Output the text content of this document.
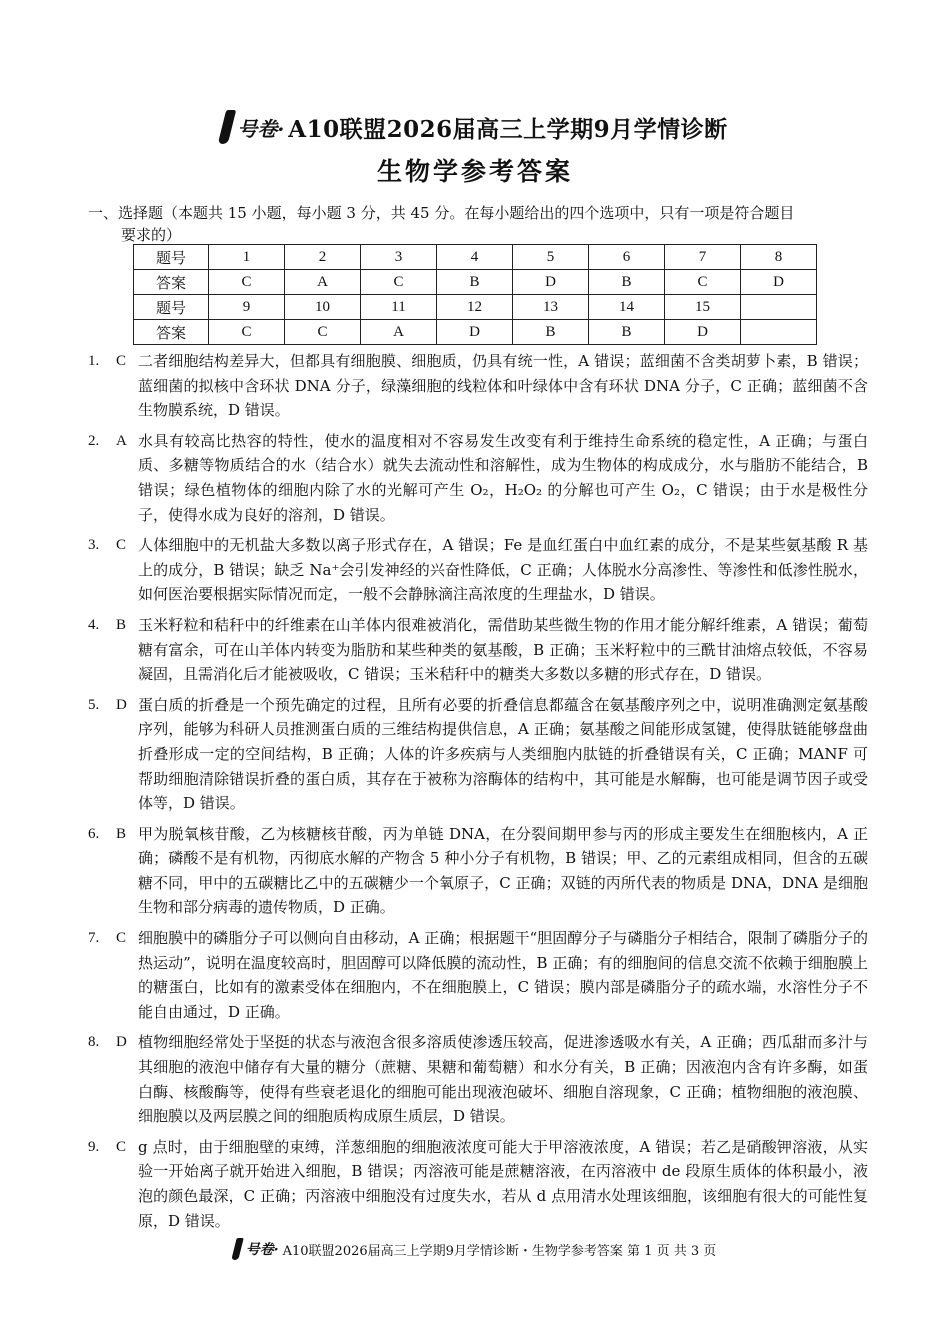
号卷· A10联盟2026届高三上学期9月学情诊断
生物学参考答案
一、选择题（本题共 15 小题，每小题 3 分，共 45 分。在每小题给出的四个选项中，只有一项是符合题目
要求的）
题号	1	2	3	4	5	6	7	8
答案	C	A	C	B	D	B	C	D
题号	9	10	11	12	13	14	15	
答案	C	C	A	D	B	B	D	
1.	C 二者细胞结构差异大，但都具有细胞膜、细胞质，仍具有统一性，A 错误；蓝细菌不含类胡萝卜素，B 错误；蓝细菌的拟核中含环状 DNA 分子，绿藻细胞的线粒体和叶绿体中含有环状 DNA 分子，C 正确；蓝细菌不含生物膜系统，D 错误。
2.	A 水具有较高比热容的特性，使水的温度相对不容易发生改变有利于维持生命系统的稳定性，A 正确；与蛋白质、多糖等物质结合的水（结合水）就失去流动性和溶解性，成为生物体的构成成分，水与脂肪不能结合，B 错误；绿色植物体的细胞内除了水的光解可产生 O₂，H₂O₂ 的分解也可产生 O₂，C 错误；由于水是极性分子，使得水成为良好的溶剂，D 错误。
3.	C 人体细胞中的无机盐大多数以离子形式存在，A 错误；Fe 是血红蛋白中血红素的成分，不是某些氨基酸 R 基上的成分，B 错误；缺乏 Na⁺会引发神经的兴奋性降低，C 正确；人体脱水分高渗性、等渗性和低渗性脱水，如何医治要根据实际情况而定，一般不会静脉滴注高浓度的生理盐水，D 错误。
4.	B 玉米籽粒和秸秆中的纤维素在山羊体内很难被消化，需借助某些微生物的作用才能分解纤维素，A 错误；葡萄糖有富余，可在山羊体内转变为脂肪和某些种类的氨基酸，B 正确；玉米籽粒中的三酰甘油熔点较低，不容易凝固，且需消化后才能被吸收，C 错误；玉米秸秆中的糖类大多数以多糖的形式存在，D 错误。
5.	D 蛋白质的折叠是一个预先确定的过程，且所有必要的折叠信息都蕴含在氨基酸序列之中，说明准确测定氨基酸序列，能够为科研人员推测蛋白质的三维结构提供信息，A 正确；氨基酸之间能形成氢键，使得肽链能够盘曲折叠形成一定的空间结构，B 正确；人体的许多疾病与人类细胞内肽链的折叠错误有关，C 正确；MANF 可帮助细胞清除错误折叠的蛋白质，其存在于被称为溶酶体的结构中，其可能是水解酶，也可能是调节因子或受体等，D 错误。
6.	B 甲为脱氧核苷酸，乙为核糖核苷酸，丙为单链 DNA，在分裂间期甲参与丙的形成主要发生在细胞核内，A 正确；磷酸不是有机物，丙彻底水解的产物含 5 种小分子有机物，B 错误；甲、乙的元素组成相同，但含的五碳糖不同，甲中的五碳糖比乙中的五碳糖少一个氧原子，C 正确；双链的丙所代表的物质是 DNA，DNA 是细胞生物和部分病毒的遗传物质，D 正确。
7.	C 细胞膜中的磷脂分子可以侧向自由移动，A 正确；根据题干“胆固醇分子与磷脂分子相结合，限制了磷脂分子的热运动”，说明在温度较高时，胆固醇可以降低膜的流动性，B 正确；有的细胞间的信息交流不依赖于细胞膜上的糖蛋白，比如有的激素受体在细胞内，不在细胞膜上，C 错误；膜内部是磷脂分子的疏水端，水溶性分子不能自由通过，D 正确。
8.	D 植物细胞经常处于坚挺的状态与液泡含很多溶质使渗透压较高，促进渗透吸水有关，A 正确；西瓜甜而多汁与其细胞的液泡中储存有大量的糖分（蔗糖、果糖和葡萄糖）和水分有关，B 正确；因液泡内含有许多酶，如蛋白酶、核酸酶等，使得有些衰老退化的细胞可能出现液泡破坏、细胞自溶现象，C 正确；植物细胞的液泡膜、细胞膜以及两层膜之间的细胞质构成原生质层，D 错误。
9.	C g 点时，由于细胞壁的束缚，洋葱细胞的细胞液浓度可能大于甲溶液浓度，A 错误；若乙是硝酸钾溶液，从实验一开始离子就开始进入细胞，B 错误；丙溶液可能是蔗糖溶液，在丙溶液中 de 段原生质体的体积最小，液泡的颜色最深，C 正确；丙溶液中细胞没有过度失水，若从 d 点用清水处理该细胞，该细胞有很大的可能性复原，D 错误。
号卷· A10联盟2026届高三上学期9月学情诊断・生物学参考答案 第 1 页 共 3 页
